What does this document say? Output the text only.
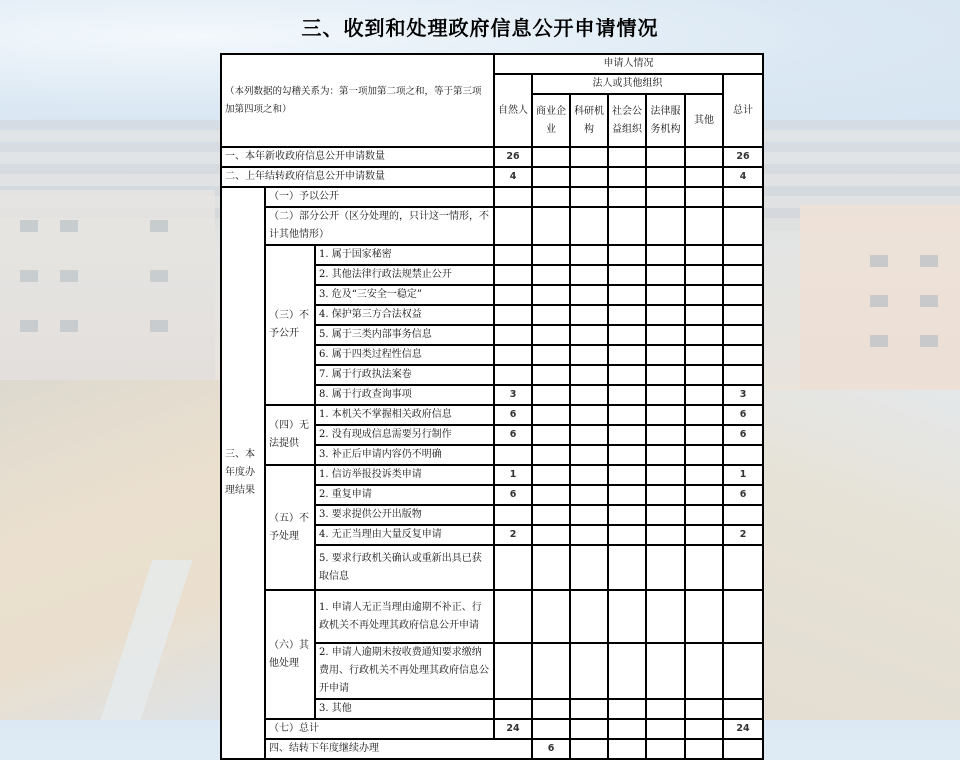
三、收到和处理政府信息公开申请情况
（本列数据的勾稽关系为：第一项加第二项之和，等于第三项加第四项之和）			申请人情况							
			自然人	法人或其他组织					总计	
				商业企业	科研机构	社会公益组织	法律服务机构	其他		
一、本年新收政府信息公开申请数量			26						26	
二、上年结转政府信息公开申请数量			4						4	
三、本年度办理结果	（一）予以公开									
	（二）部分公开（区分处理的，只计这一情形，不计其他情形）									
	（三）不予公开	1. 属于国家秘密								
		2. 其他法律行政法规禁止公开								
		3. 危及“三安全一稳定”								
		4. 保护第三方合法权益								
		5. 属于三类内部事务信息								
		6. 属于四类过程性信息								
		7. 属于行政执法案卷								
		8. 属于行政查询事项	3						3	
	（四）无法提供	1. 本机关不掌握相关政府信息	6						6	
		2. 没有现成信息需要另行制作	6						6	
		3. 补正后申请内容仍不明确								
	（五）不予处理	1. 信访举报投诉类申请	1						1	
		2. 重复申请	6						6	
		3. 要求提供公开出版物								
		4. 无正当理由大量反复申请	2						2	
		5. 要求行政机关确认或重新出具已获取信息								
	（六）其他处理	1. 申请人无正当理由逾期不补正、行政机关不再处理其政府信息公开申请								
		2. 申请人逾期未按收费通知要求缴纳费用、行政机关不再处理其政府信息公开申请								
		3. 其他								
	（七）总计		24						24	
	四、结转下年度继续办理			6						
